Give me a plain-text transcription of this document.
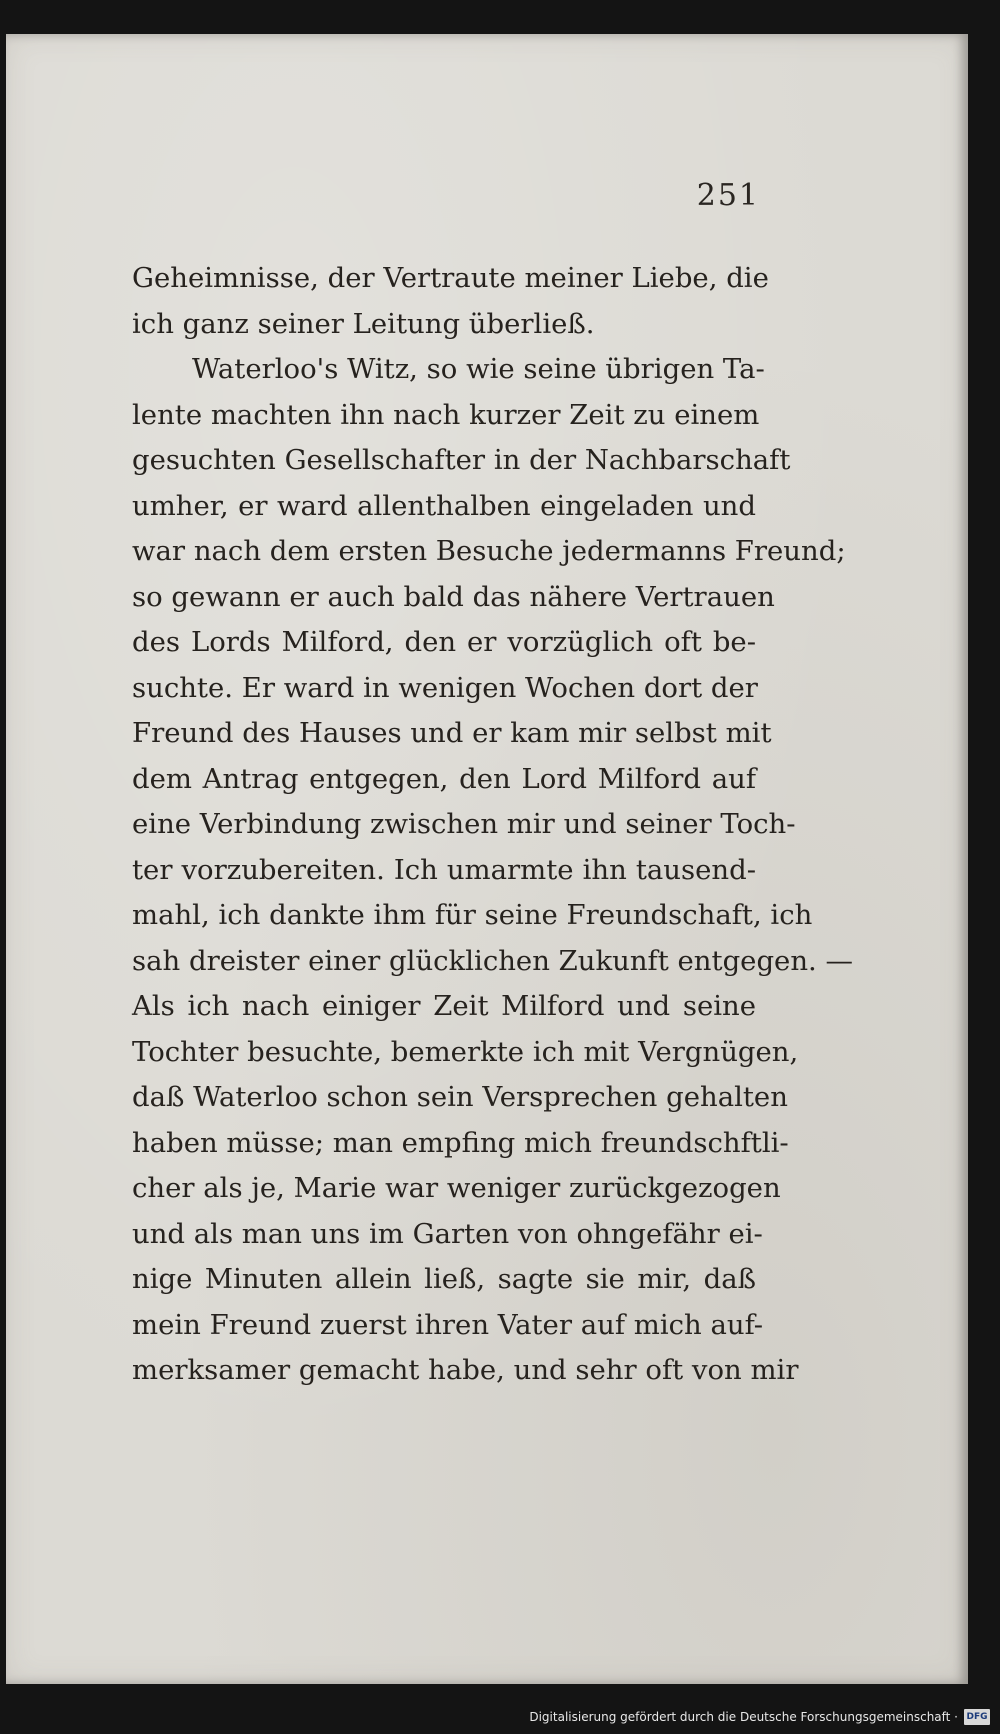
251

Geheimnisse, der Vertraute meiner Liebe, die
ich ganz seiner Leitung überließ.
Waterloo's Witz, so wie seine übrigen Ta-
lente machten ihn nach kurzer Zeit zu einem
gesuchten Gesellschafter in der Nachbarschaft
umher, er ward allenthalben eingeladen und
war nach dem ersten Besuche jedermanns Freund;
so gewann er auch bald das nähere Vertrauen
des Lords Milford, den er vorzüglich oft be-
suchte. Er ward in wenigen Wochen dort der
Freund des Hauses und er kam mir selbst mit
dem Antrag entgegen, den Lord Milford auf
eine Verbindung zwischen mir und seiner Toch-
ter vorzubereiten. Ich umarmte ihn tausend-
mahl, ich dankte ihm für seine Freundschaft, ich
sah dreister einer glücklichen Zukunft entgegen. —
Als ich nach einiger Zeit Milford und seine
Tochter besuchte, bemerkte ich mit Vergnügen,
daß Waterloo schon sein Versprechen gehalten
haben müsse; man empfing mich freundschftli-
cher als je, Marie war weniger zurückgezogen
und als man uns im Garten von ohngefähr ei-
nige Minuten allein ließ, sagte sie mir, daß
mein Freund zuerst ihren Vater auf mich auf-
merksamer gemacht habe, und sehr oft von mir
Digitalisierung gefördert durch die Deutsche Forschungsgemeinschaft · DFG
